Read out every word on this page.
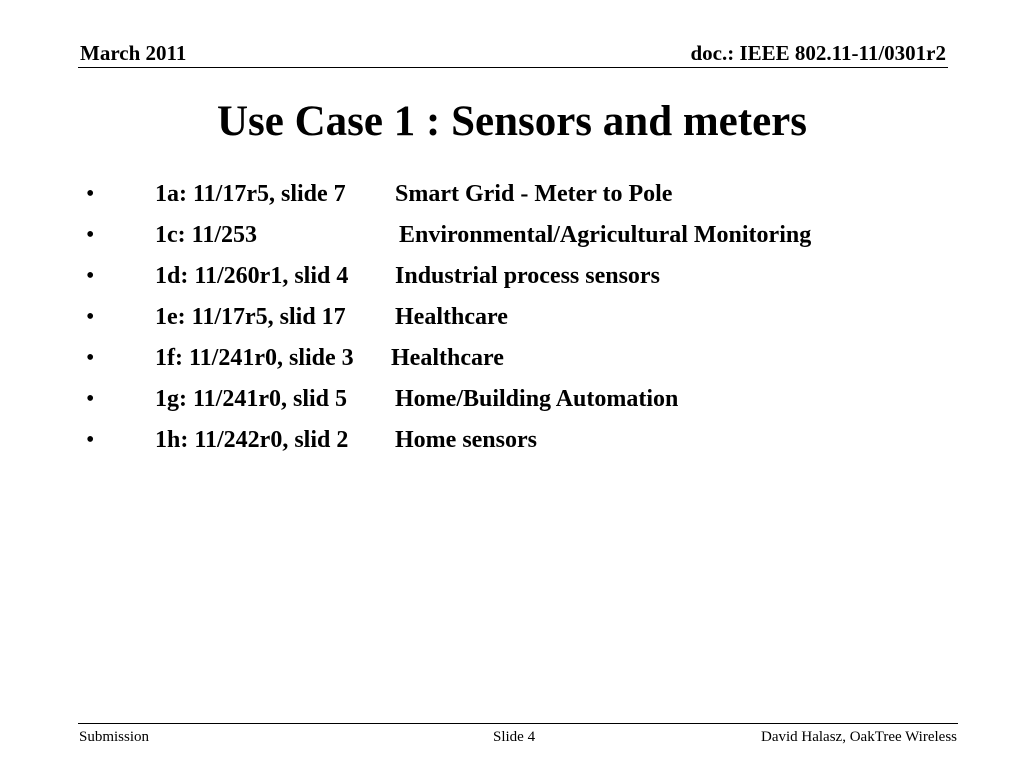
March 2011	doc.: IEEE 802.11-11/0301r2
Use Case 1 : Sensors and meters
•	1a: 11/17r5, slide 7 Smart Grid - Meter to Pole
•	1c: 11/253	Environmental/Agricultural Monitoring
•	1d: 11/260r1, slid 4 Industrial process sensors
•	1e: 11/17r5, slid 17 Healthcare
•	1f: 11/241r0, slide 3 Healthcare
•	1g: 11/241r0, slid 5 Home/Building Automation
•	1h: 11/242r0, slid 2 Home sensors
Submission	Slide 4	David Halasz, OakTree Wireless
